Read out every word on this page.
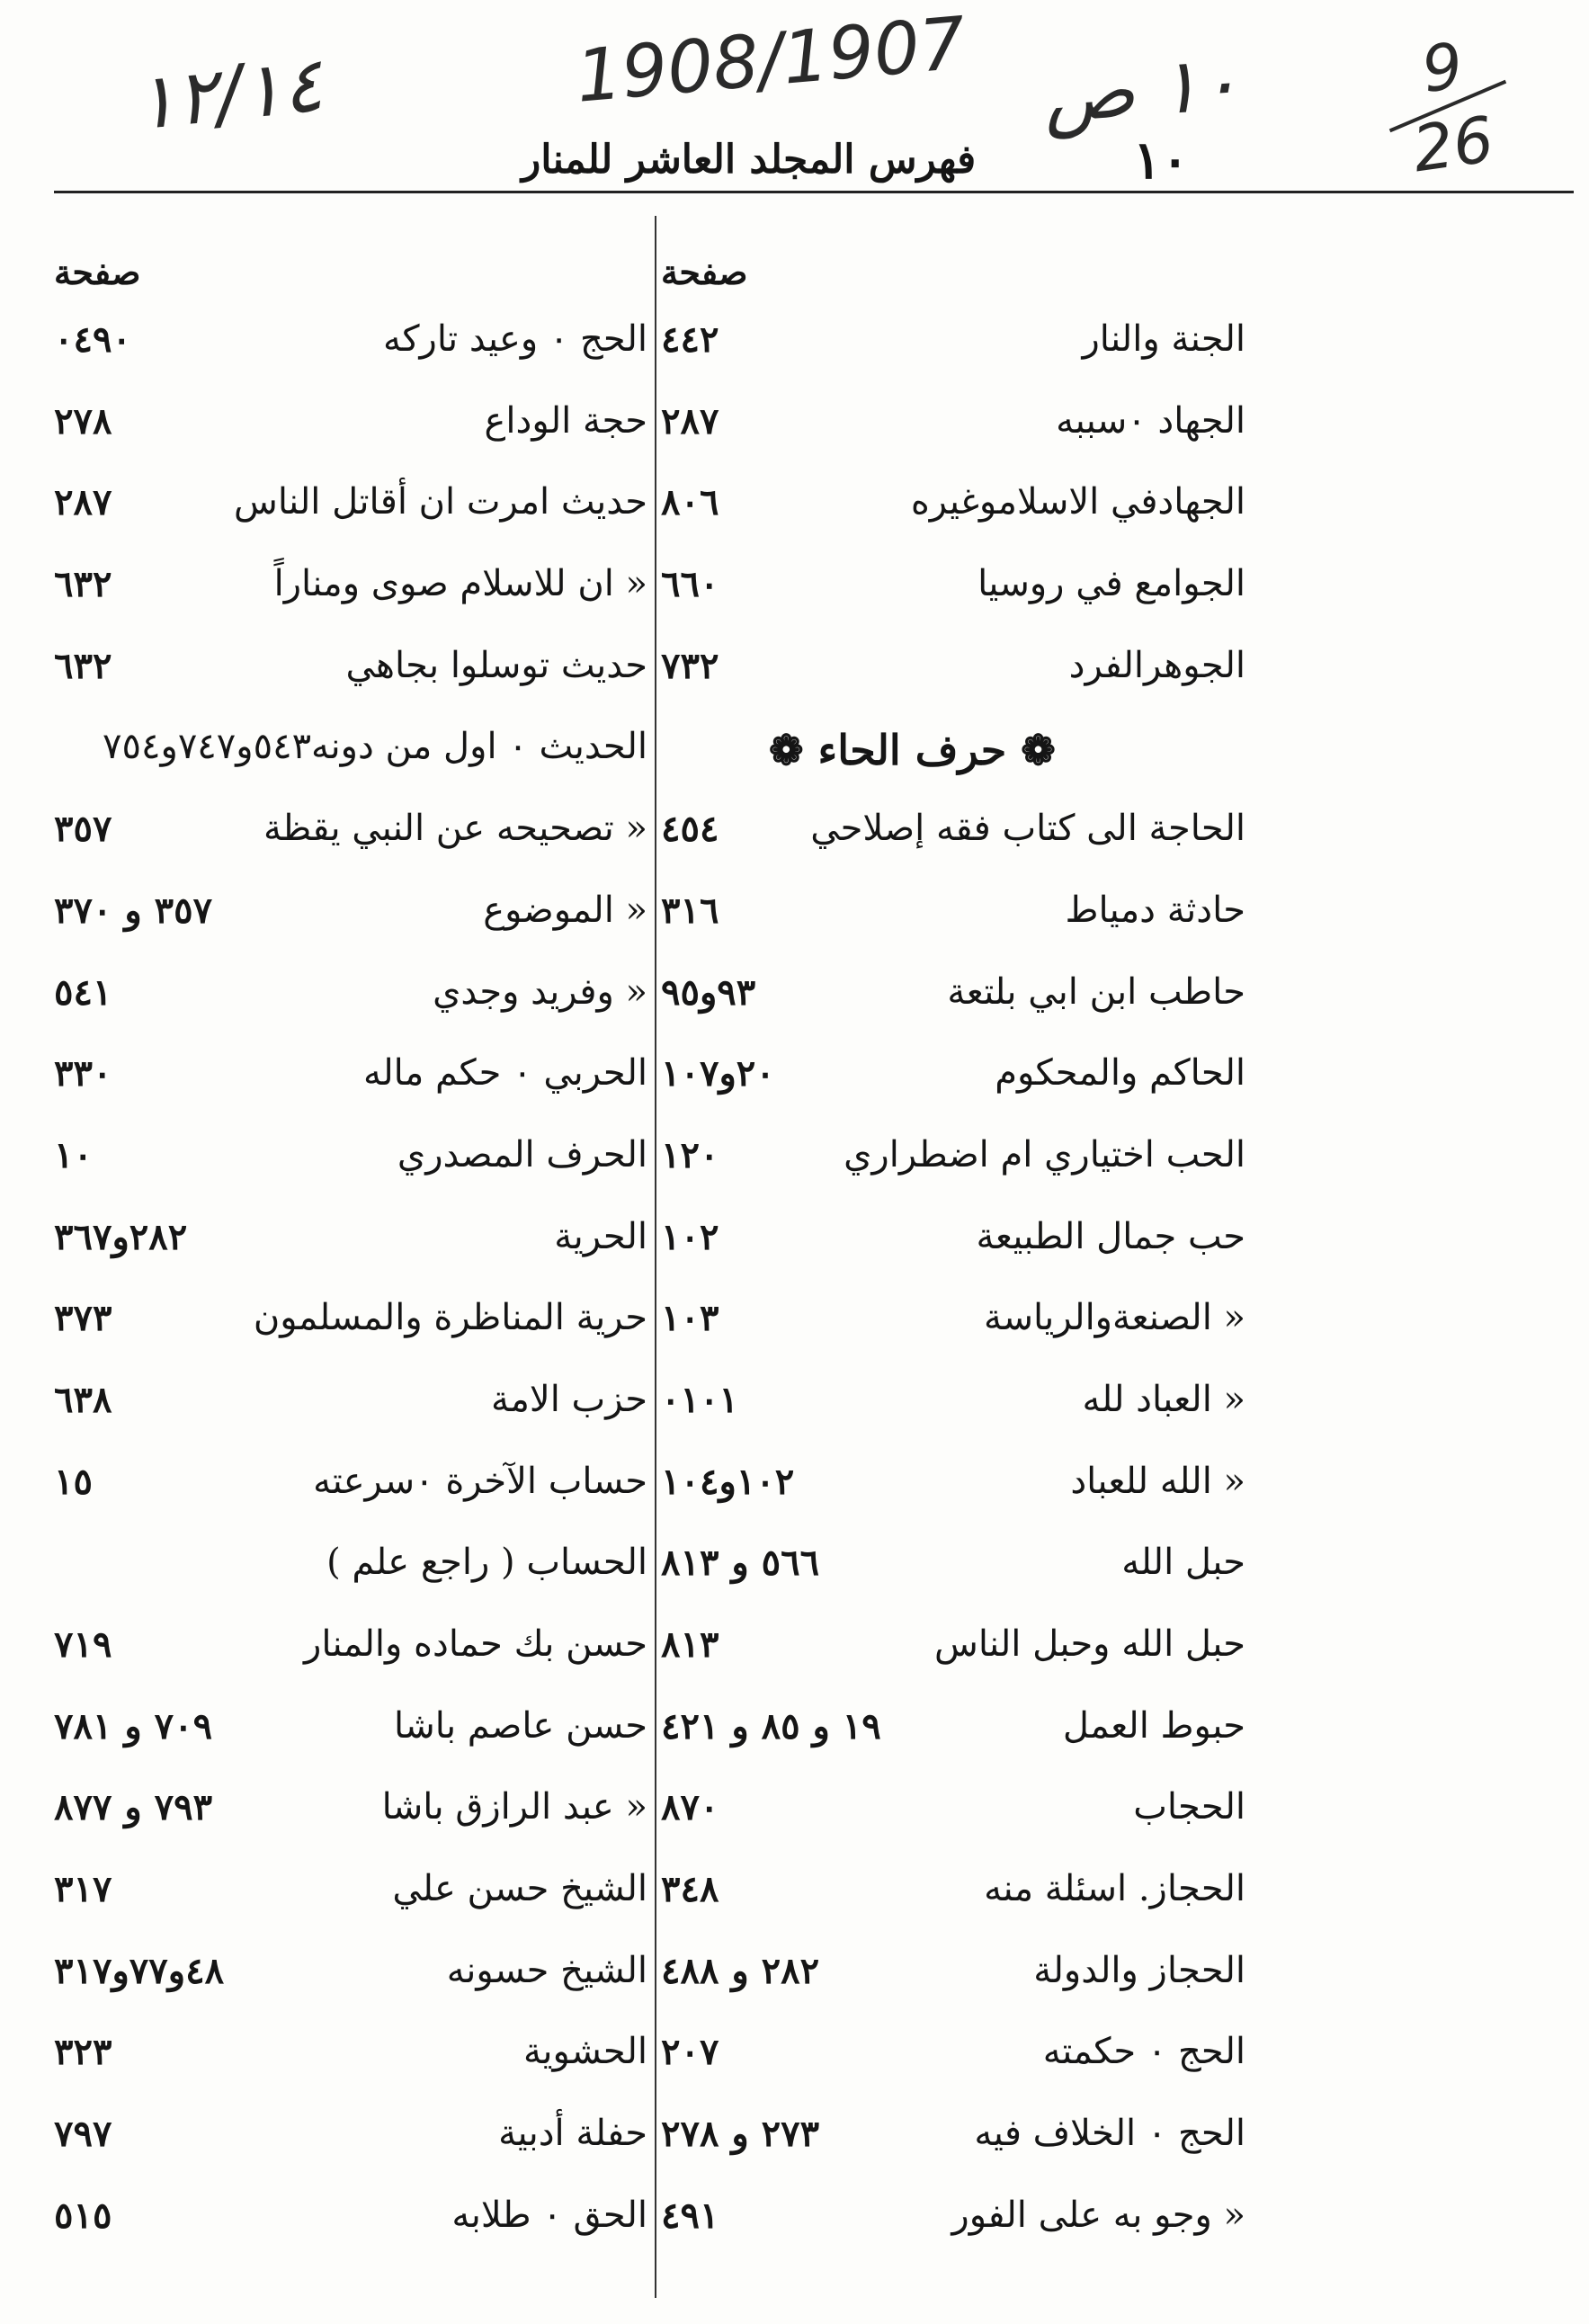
١٢/١٤	1908/1907 ١٠ ص	9
26
١٠
فهرس المجلد العاشر للمنار
صفحة
الجنة والنار
٤٤٢
الجهاد ٠سببه
٢٨٧
الجهادفي الاسلاموغيره
٨٠٦
الجوامع في روسيا
٦٦٠
الجوهرالفرد
٧٣٢
❁ حرف الحاء ❁
الحاجة الى كتاب فقه إصلاحي
٤٥٤
حادثة دمياط
٣١٦
حاطب ابن ابي بلتعة
٩٣و٩٥
الحاكم والمحكوم
٢٠و١٠٧
الحب اختياري ام اضطراري
١٢٠
حب جمال الطبيعة
١٠٢
« الصنعةوالرياسة
١٠٣
« العباد لله
٠١٠١
« الله للعباد
١٠٢و١٠٤
حبل الله
٥٦٦ و ٨١٣
حبل الله وحبل الناس
٨١٣
حبوط العمل
١٩ و ٨٥ و ٤٢١
الحجاب
٨٧٠
الحجاز. اسئلة منه
٣٤٨
الحجاز والدولة
٢٨٢ و ٤٨٨
الحج ٠ حكمته
٢٠٧
الحج ٠ الخلاف فيه
٢٧٣ و ٢٧٨
« وجو به على الفور
٤٩١
صفحة
الحج ٠ وعيد تاركه
٠٤٩٠
حجة الوداع
٢٧٨
حديث امرت ان أقاتل الناس
٢٨٧
« ان للاسلام صوى ومناراً
٦٣٢
حديث توسلوا بجاهي
٦٣٢
الحديث ٠ اول من دونه٥٤٣و٧٤٧و٧٥٤
« تصحيحه عن النبي يقظة
٣٥٧
« الموضوع
٣٥٧ و ٣٧٠
« وفريد وجدي
٥٤١
الحربي ٠ حكم ماله
٣٣٠
الحرف المصدري
١٠
الحرية
٢٨٢و٣٦٧
حرية المناظرة والمسلمون
٣٧٣
حزب الامة
٦٣٨
حساب الآخرة ٠سرعته
١٥
الحساب ( راجع علم )
حسن بك حماده والمنار
٧١٩
حسن عاصم باشا
٧٠٩ و ٧٨١
« عبد الرازق باشا
٧٩٣ و ٨٧٧
الشيخ حسن علي
٣١٧
الشيخ حسونه
٤٨و٧٧و٣١٧
الحشوية
٣٢٣
حفلة أدبية
٧٩٧
الحق ٠ طلابه
٥١٥
